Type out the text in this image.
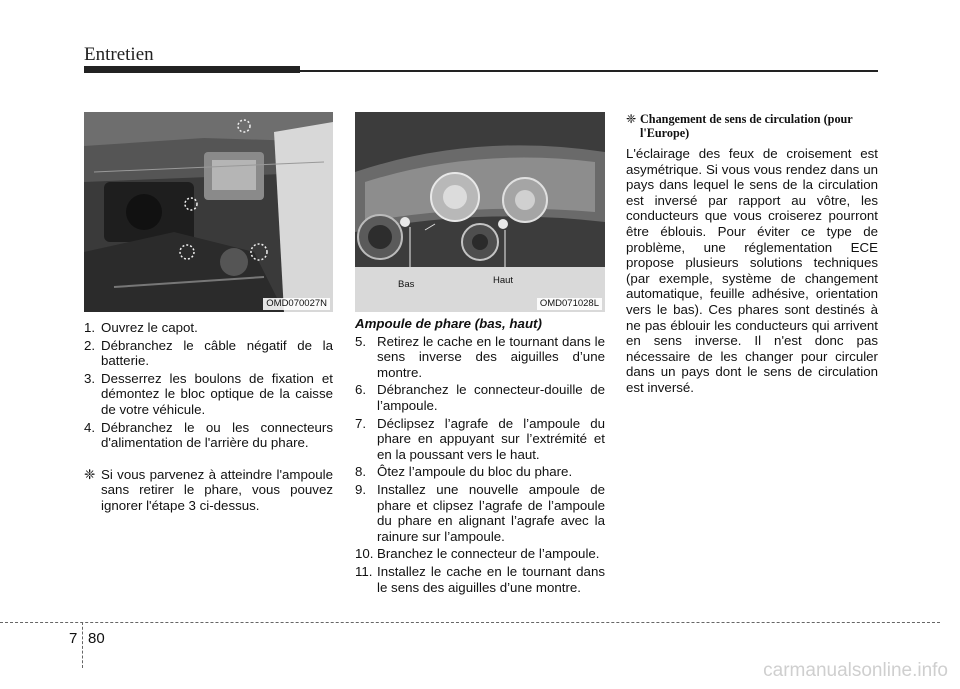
Entretien
OMD070027N
1. Ouvrez le capot.
2. Débranchez le câble négatif de la batterie.
3. Desserrez les boulons de fixation et démontez le bloc optique de la caisse de votre véhicule.
4. Débranchez le ou les connecteurs d'alimentation de l'arrière du phare.
❈ Si vous parvenez à atteindre l'ampoule sans retirer le phare, vous pouvez ignorer l'étape 3 ci-dessus.
Bas	Haut
OMD071028L
Ampoule de phare (bas, haut)
5. Retirez le cache en le tournant dans le sens inverse des aiguilles d’une montre.
6. Débranchez le connecteur-douille de l’ampoule.
7. Déclipsez l’agrafe de l’ampoule du phare en appuyant sur l’extrémité et en la poussant vers le haut.
8. Ôtez l’ampoule du bloc du phare.
9. Installez une nouvelle ampoule de phare et clipsez l’agrafe de l’ampoule du phare en alignant l’agrafe avec la rainure sur l’ampoule.
10. Branchez le connecteur de l’ampoule.
11. Installez le cache en le tournant dans le sens des aiguilles d’une montre.
❈ Changement de sens de circulation (pour l'Europe)
L'éclairage des feux de croisement est asymétrique. Si vous vous rendez dans un pays dans lequel le sens de la circulation est inversé par rapport au vôtre, les conducteurs que vous croiserez pourront être éblouis. Pour éviter ce type de problème, une réglementation ECE propose plusieurs solutions techniques (par exemple, système de changement automatique, feuille adhésive, orientation vers le bas). Ces phares sont destinés à ne pas éblouir les conducteurs qui arrivent en sens inverse. Il n'est donc pas nécessaire de les changer pour circuler dans un pays dont le sens de circulation est inversé.
7 80
carmanualsonline.info
